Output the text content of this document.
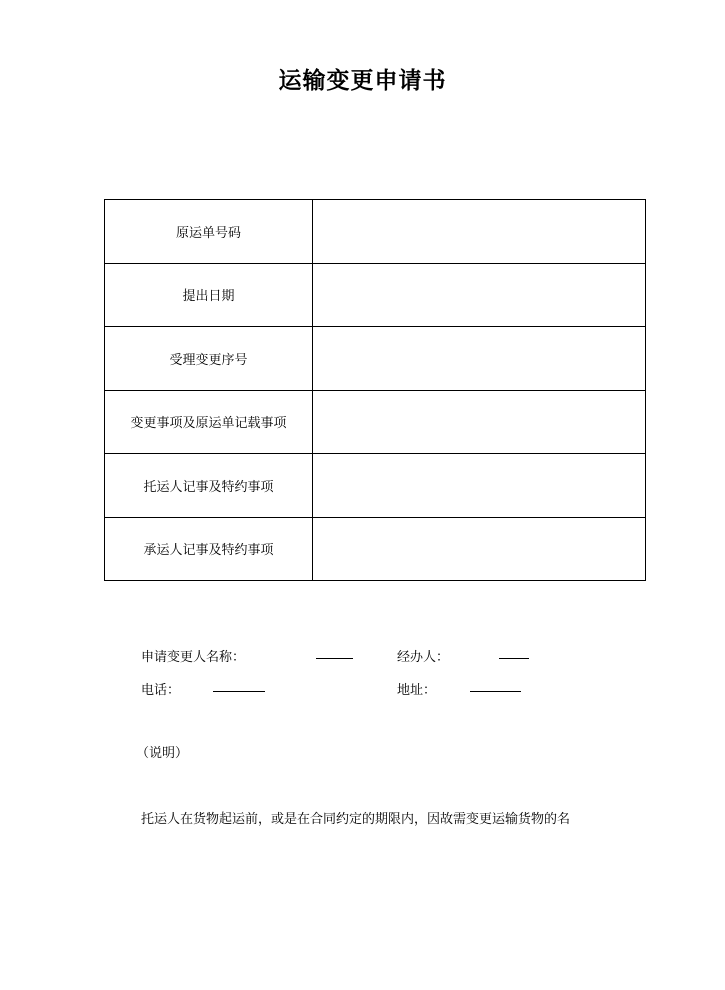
运输变更申请书
原运单号码	
提出日期	
受理变更序号	
变更事项及原运单记载事项	
托运人记事及特约事项	
承运人记事及特约事项	
申请变更人名称：	经办人：
电话：	地址：
（说明）
托运人在货物起运前，或是在合同约定的期限内，因故需变更运输货物的名
